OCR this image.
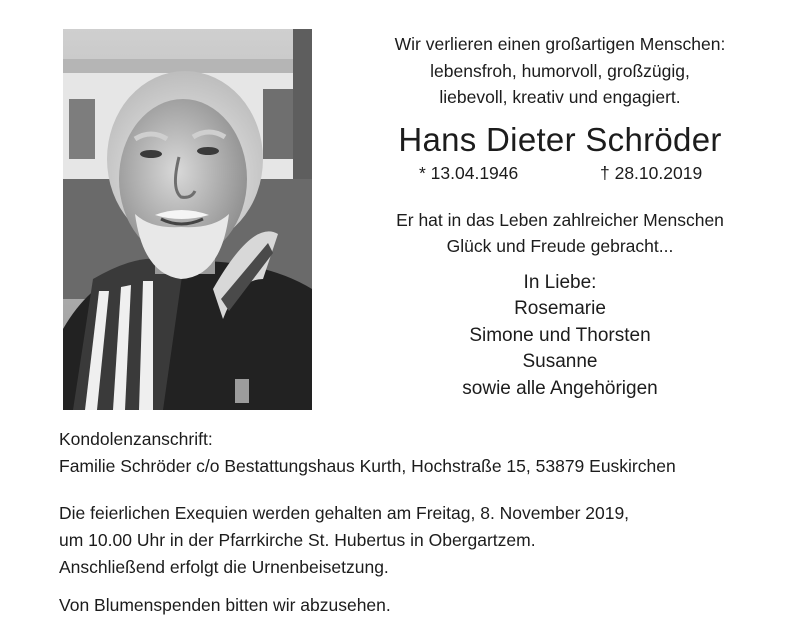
Wir verlieren einen großartigen Menschen:
lebensfroh, humorvoll, großzügig,
liebevoll, kreativ und engagiert.

Hans Dieter Schröder
* 13.04.1946	† 28.10.2019

Er hat in das Leben zahlreicher Menschen
Glück und Freude gebracht...

In Liebe:
Rosemarie
Simone und Thorsten
Susanne
sowie alle Angehörigen

Kondolenzanschrift:

Familie Schröder c/o Bestattungshaus Kurth, Hochstraße 15, 53879 Euskirchen

Die feierlichen Exequien werden gehalten am Freitag, 8. November 2019,
um 10.00 Uhr in der Pfarrkirche St. Hubertus in Obergartzem.
Anschließend erfolgt die Urnenbeisetzung.

Von Blumenspenden bitten wir abzusehen.
